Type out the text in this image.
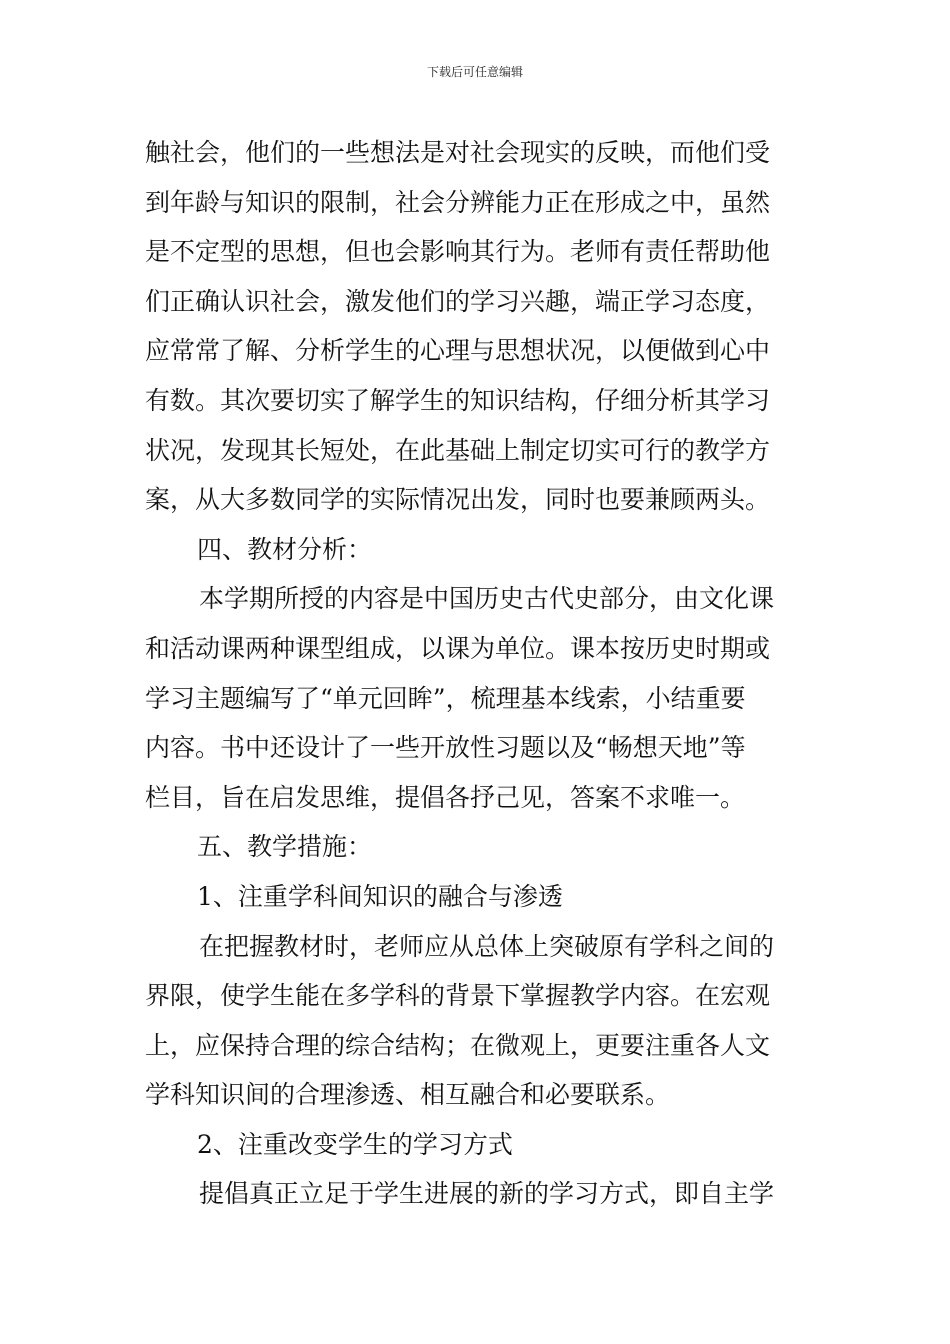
下载后可任意编辑
触社会，他们的一些想法是对社会现实的反映，而他们受
到年龄与知识的限制，社会分辨能力正在形成之中，虽然
是不定型的思想，但也会影响其行为。老师有责任帮助他
们正确认识社会，激发他们的学习兴趣，端正学习态度，
应常常了解、分析学生的心理与思想状况，以便做到心中
有数。其次要切实了解学生的知识结构，仔细分析其学习
状况，发现其长短处，在此基础上制定切实可行的教学方
案，从大多数同学的实际情况出发，同时也要兼顾两头。
四、教材分析：
本学期所授的内容是中国历史古代史部分，由文化课
和活动课两种课型组成，以课为单位。课本按历史时期或
学习主题编写了“单元回眸”，梳理基本线索，小结重要
内容。书中还设计了一些开放性习题以及“畅想天地”等
栏目，旨在启发思维，提倡各抒己见，答案不求唯一。
五、教学措施：
1、注重学科间知识的融合与渗透
在把握教材时，老师应从总体上突破原有学科之间的
界限，使学生能在多学科的背景下掌握教学内容。在宏观
上，应保持合理的综合结构；在微观上，更要注重各人文
学科知识间的合理渗透、相互融合和必要联系。
2、注重改变学生的学习方式
提倡真正立足于学生进展的新的学习方式，即自主学
